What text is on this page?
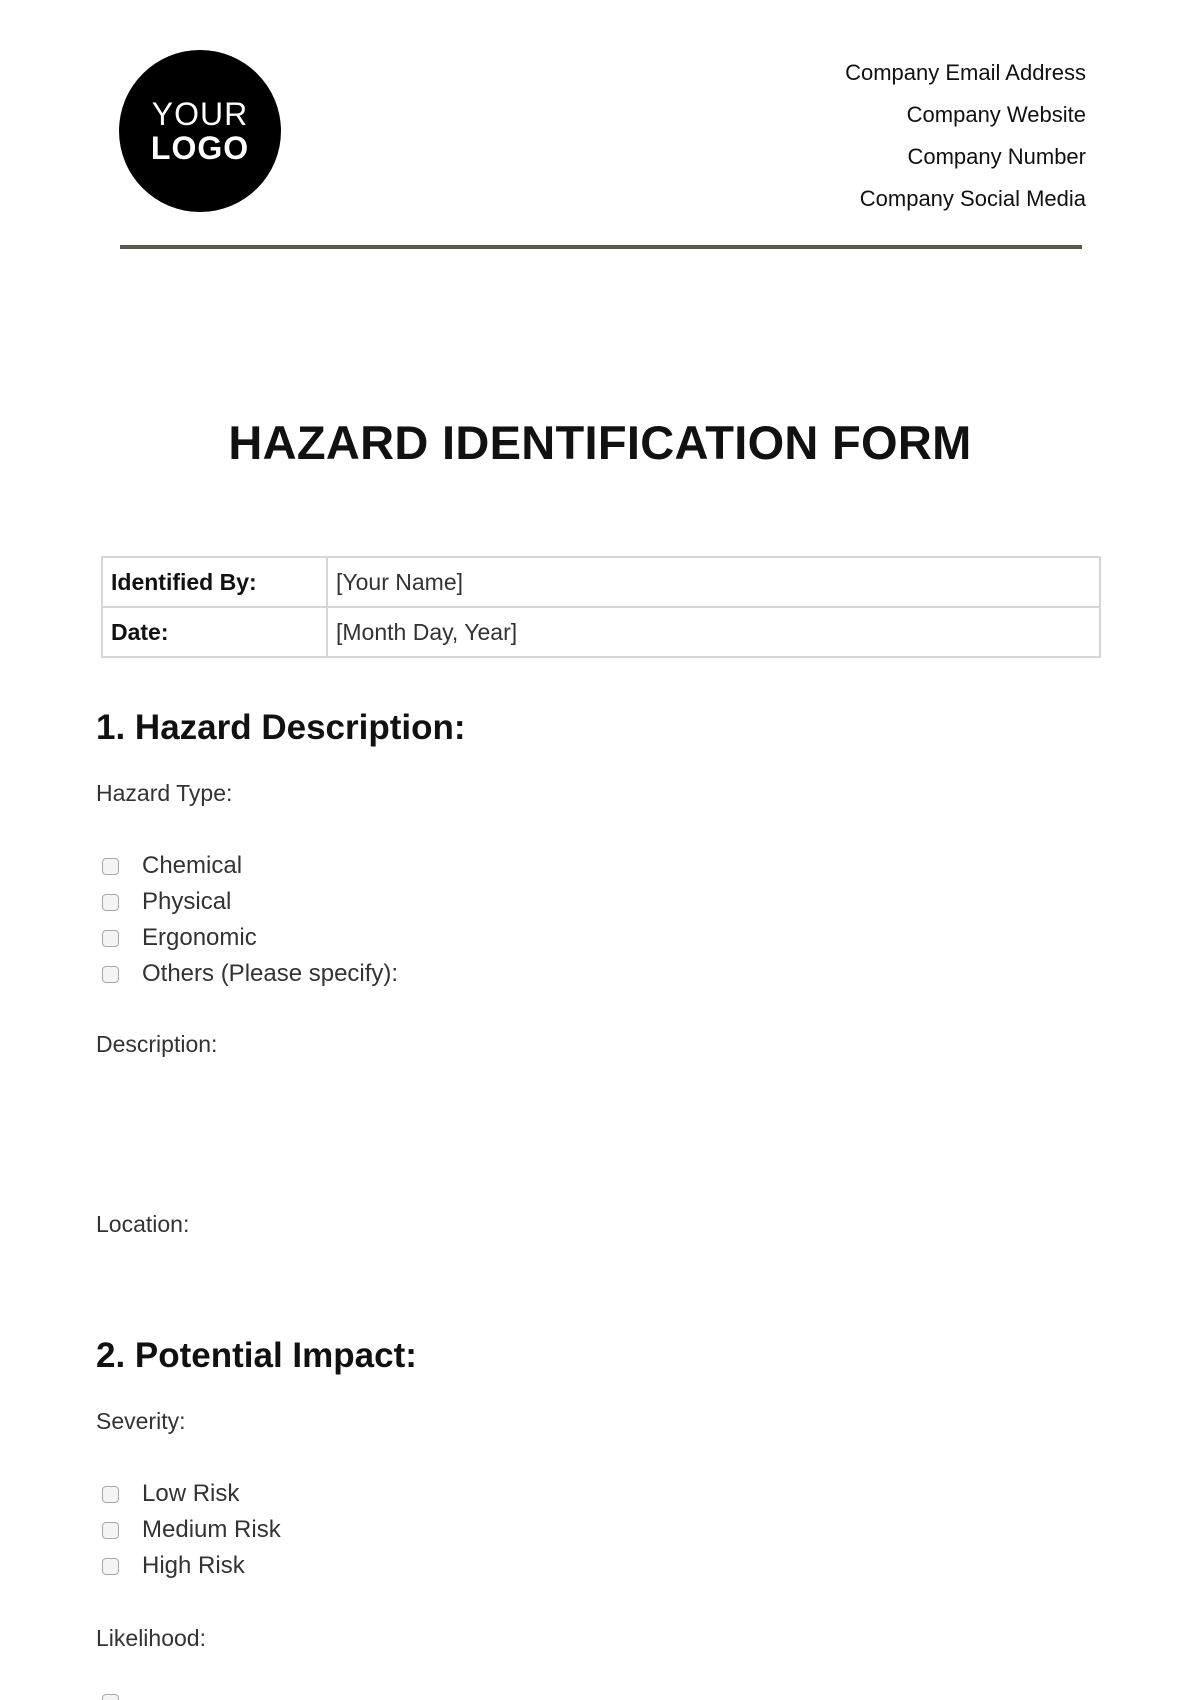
YOUR
LOGO
Company Email Address
Company Website
Company Number
Company Social Media
HAZARD IDENTIFICATION FORM
Identified By:	[Your Name]
Date:	[Month Day, Year]
1. Hazard Description:
Hazard Type:
Chemical
Physical
Ergonomic
Others (Please specify):
Description:
Location:
2. Potential Impact:
Severity:
Low Risk
Medium Risk
High Risk
Likelihood:
